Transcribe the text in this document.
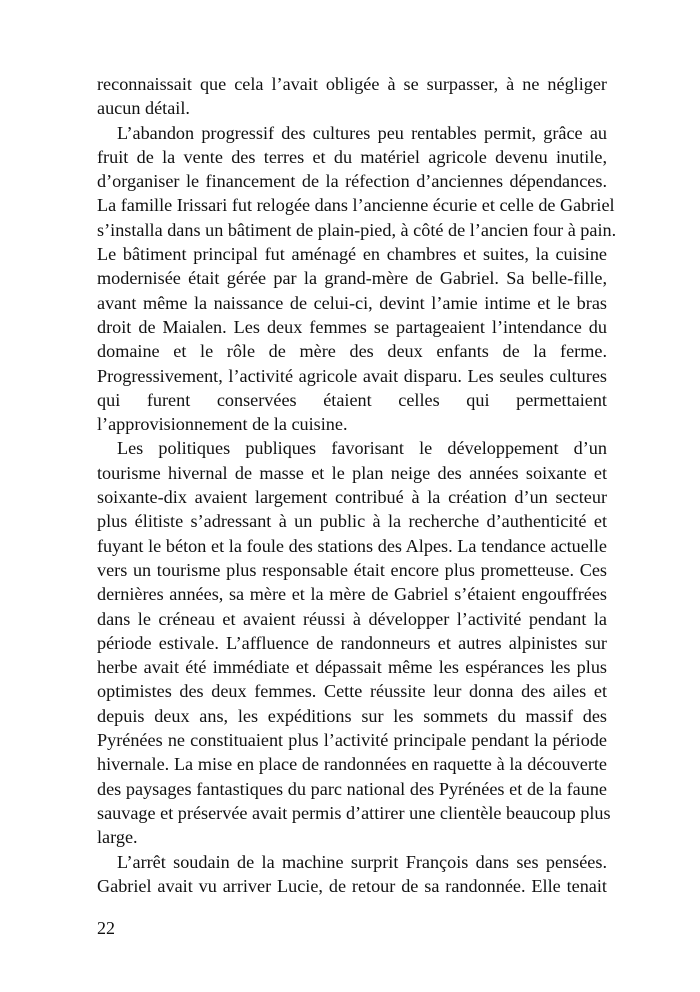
reconnaissait que cela l’avait obligée à se surpasser, à ne négliger
aucun détail.
L’abandon progressif des cultures peu rentables permit, grâce au
fruit de la vente des terres et du matériel agricole devenu inutile,
d’organiser le financement de la réfection d’anciennes dépendances.
La famille Irissari fut relogée dans l’ancienne écurie et celle de Gabriel
s’installa dans un bâtiment de plain-pied, à côté de l’ancien four à pain.
Le bâtiment principal fut aménagé en chambres et suites, la cuisine
modernisée était gérée par la grand-mère de Gabriel. Sa belle-fille,
avant même la naissance de celui-ci, devint l’amie intime et le bras
droit de Maialen. Les deux femmes se partageaient l’intendance du
domaine et le rôle de mère des deux enfants de la ferme.
Progressivement, l’activité agricole avait disparu. Les seules cultures
qui furent conservées étaient celles qui permettaient
l’approvisionnement de la cuisine.
Les politiques publiques favorisant le développement d’un
tourisme hivernal de masse et le plan neige des années soixante et
soixante-dix avaient largement contribué à la création d’un secteur
plus élitiste s’adressant à un public à la recherche d’authenticité et
fuyant le béton et la foule des stations des Alpes. La tendance actuelle
vers un tourisme plus responsable était encore plus prometteuse. Ces
dernières années, sa mère et la mère de Gabriel s’étaient engouffrées
dans le créneau et avaient réussi à développer l’activité pendant la
période estivale. L’affluence de randonneurs et autres alpinistes sur
herbe avait été immédiate et dépassait même les espérances les plus
optimistes des deux femmes. Cette réussite leur donna des ailes et
depuis deux ans, les expéditions sur les sommets du massif des
Pyrénées ne constituaient plus l’activité principale pendant la période
hivernale. La mise en place de randonnées en raquette à la découverte
des paysages fantastiques du parc national des Pyrénées et de la faune
sauvage et préservée avait permis d’attirer une clientèle beaucoup plus
large.
L’arrêt soudain de la machine surprit François dans ses pensées.
Gabriel avait vu arriver Lucie, de retour de sa randonnée. Elle tenait
22
